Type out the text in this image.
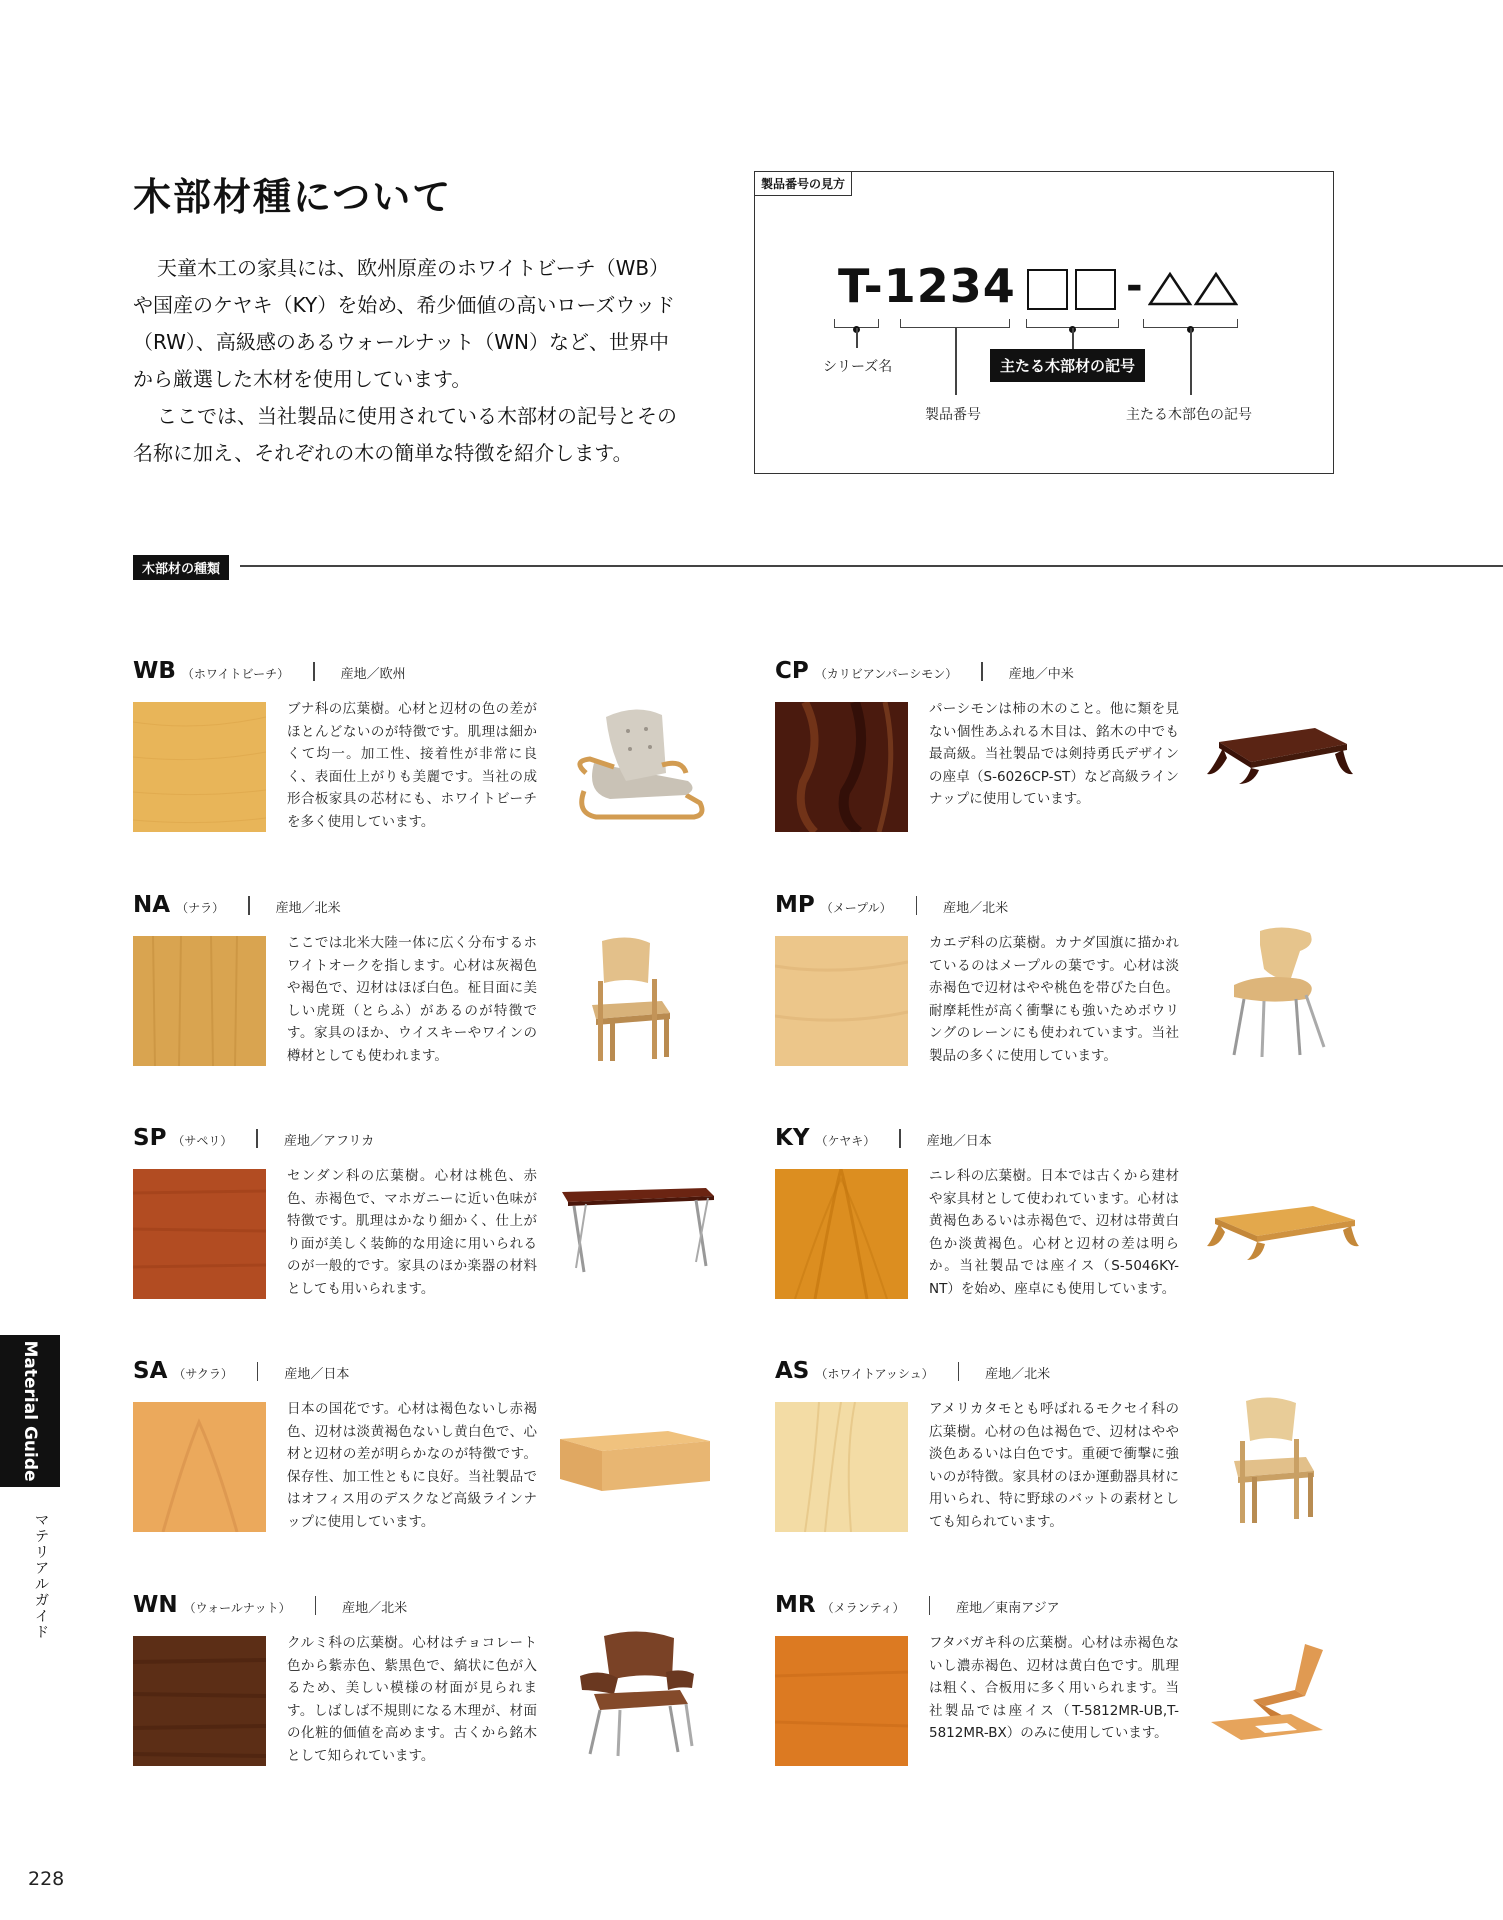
木部材種について

天童木工の家具には、欧州原産のホワイトビーチ（WB）や国産のケヤキ（KY）を始め、希少価値の高いローズウッド（RW）、高級感のあるウォールナット（WN）など、世界中から厳選した木材を使用しています。

ここでは、当社製品に使用されている木部材の記号とその名称に加え、それぞれの木の簡単な特徴を紹介します。

製品番号の見方
T-1234	-
シリーズ名
製品番号
主たる木部材の記号
主たる木部色の記号
木部材の種類
WB （ホワイトビーチ）	産地／欧州
ブナ科の広葉樹。心材と辺材の色の差がほとんどないのが特徴です。肌理は細かくて均一。加工性、接着性が非常に良く、表面仕上がりも美麗です。当社の成形合板家具の芯材にも、ホワイトビーチを多く使用しています。
CP （カリビアンパーシモン）	産地／中米
パーシモンは柿の木のこと。他に類を見ない個性あふれる木目は、銘木の中でも最高級。当社製品では剣持勇氏デザインの座卓（S-6026CP-ST）など高級ラインナップに使用しています。
NA （ナラ）	産地／北米
ここでは北米大陸一体に広く分布するホワイトオークを指します。心材は灰褐色や褐色で、辺材はほぼ白色。柾目面に美しい虎斑（とらふ）があるのが特徴です。家具のほか、ウイスキーやワインの樽材としても使われます。
MP （メープル）	産地／北米
カエデ科の広葉樹。カナダ国旗に描かれているのはメープルの葉です。心材は淡赤褐色で辺材はやや桃色を帯びた白色。耐摩耗性が高く衝撃にも強いためボウリングのレーンにも使われています。当社製品の多くに使用しています。
SP （サペリ）	産地／アフリカ
センダン科の広葉樹。心材は桃色、赤色、赤褐色で、マホガニーに近い色味が特徴です。肌理はかなり細かく、仕上がり面が美しく装飾的な用途に用いられるのが一般的です。家具のほか楽器の材料としても用いられます。
KY （ケヤキ）	産地／日本
ニレ科の広葉樹。日本では古くから建材や家具材として使われています。心材は黄褐色あるいは赤褐色で、辺材は帯黄白色か淡黄褐色。心材と辺材の差は明らか。当社製品では座イス（S-5046KY-NT）を始め、座卓にも使用しています。
SA （サクラ）	産地／日本
日本の国花です。心材は褐色ないし赤褐色、辺材は淡黄褐色ないし黄白色で、心材と辺材の差が明らかなのが特徴です。保存性、加工性ともに良好。当社製品ではオフィス用のデスクなど高級ラインナップに使用しています。
AS （ホワイトアッシュ）	産地／北米
アメリカタモとも呼ばれるモクセイ科の広葉樹。心材の色は褐色で、辺材はやや淡色あるいは白色です。重硬で衝撃に強いのが特徴。家具材のほか運動器具材に用いられ、特に野球のバットの素材としても知られています。
WN （ウォールナット）	産地／北米
クルミ科の広葉樹。心材はチョコレート色から紫赤色、紫黒色で、縞状に色が入るため、美しい模様の材面が見られます。しばしば不規則になる木理が、材面の化粧的価値を高めます。古くから銘木として知られています。
MR （メランティ）	産地／東南アジア
フタバガキ科の広葉樹。心材は赤褐色ないし濃赤褐色、辺材は黄白色です。肌理は粗く、合板用に多く用いられます。当社製品では座イス（T-5812MR-UB,T-5812MR-BX）のみに使用しています。
Material Guide
マテリアルガイド
228
